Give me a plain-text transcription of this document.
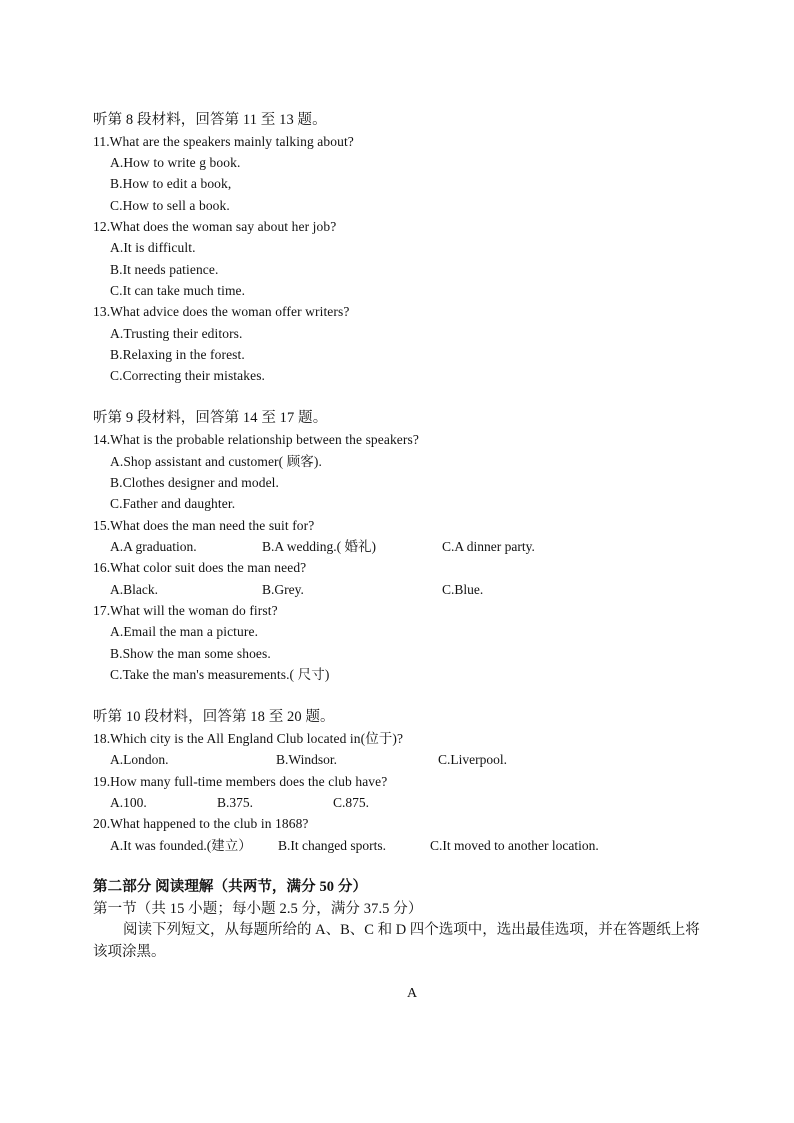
听第 8 段材料，回答第 11 至 13 题。
11.What are the speakers mainly talking about?
A.How to write g book.
B.How to edit a book,
C.How to sell a book.
12.What does the woman say about her job?
A.It is difficult.
B.It needs patience.
C.It can take much time.
13.What advice does the woman offer writers?
A.Trusting their editors.
B.Relaxing in the forest.
C.Correcting their mistakes.
听第 9 段材料，回答第 14 至 17 题。
14.What is the probable relationship between the speakers?
A.Shop assistant and customer( 顾客).
B.Clothes designer and model.
C.Father and daughter.
15.What does the man need the suit for?
A.A graduation.	B.A wedding.( 婚礼)	C.A dinner party.
16.What color suit does the man need?
A.Black.	B.Grey.	C.Blue.
17.What will the woman do first?
A.Email the man a picture.
B.Show the man some shoes.
C.Take the man's measurements.( 尺寸)
听第 10 段材料，回答第 18 至 20 题。
18.Which city is the All England Club located in(位于)?
A.London.	B.Windsor.	C.Liverpool.
19.How many full-time members does the club have?
A.100.	B.375.	C.875.
20.What happened to the club in 1868?
A.It was founded.(建立） B.It changed sports.	C.It moved to another location.
第二部分 阅读理解（共两节，满分 50 分）
第一节（共 15 小题；每小题 2.5 分，满分 37.5 分）
阅读下列短文，从每题所给的 A、B、C 和 D 四个选项中，选出最佳选项，并在答题纸上将该项涂黑。
A
